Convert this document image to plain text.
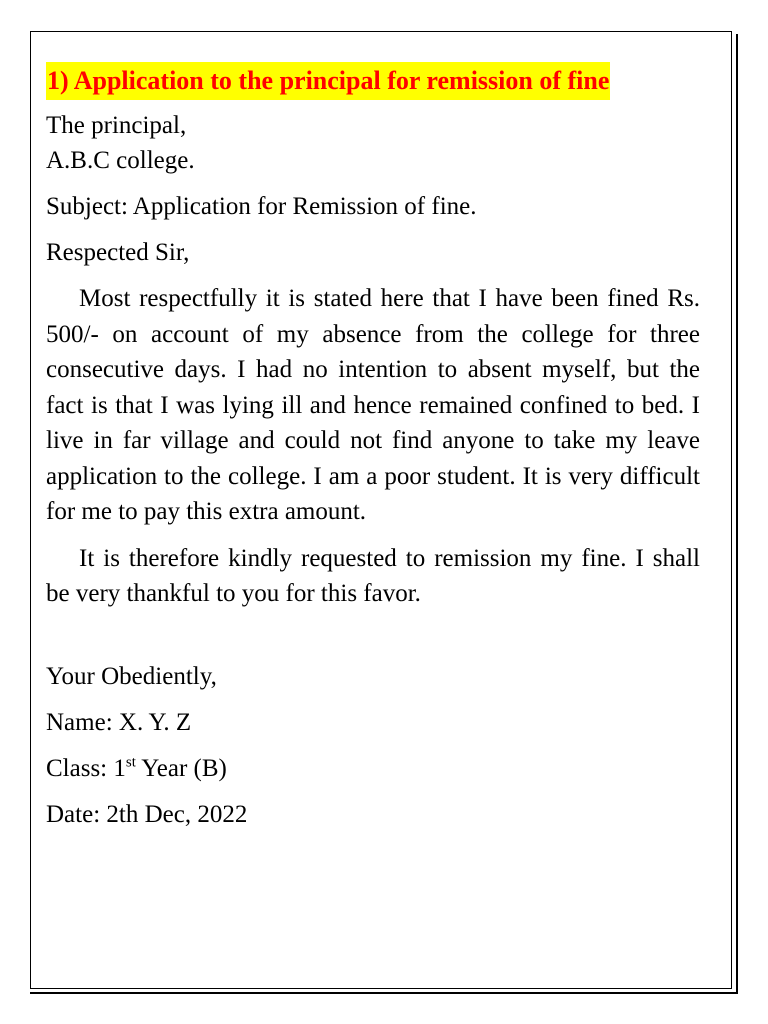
1) Application to the principal for remission of fine

The principal,

A.B.C college.

Subject: Application for Remission of fine.

Respected Sir,

Most respectfully it is stated here that I have been fined Rs. 500/- on account of my absence from the college for three consecutive days. I had no intention to absent myself, but the fact is that I was lying ill and hence remained confined to bed. I live in far village and could not find anyone to take my leave application to the college. I am a poor student. It is very difficult for me to pay this extra amount.

It is therefore kindly requested to remission my fine. I shall be very thankful to you for this favor.

Your Obediently,

Name: X. Y. Z

Class: 1st Year (B)

Date: 2th Dec, 2022
